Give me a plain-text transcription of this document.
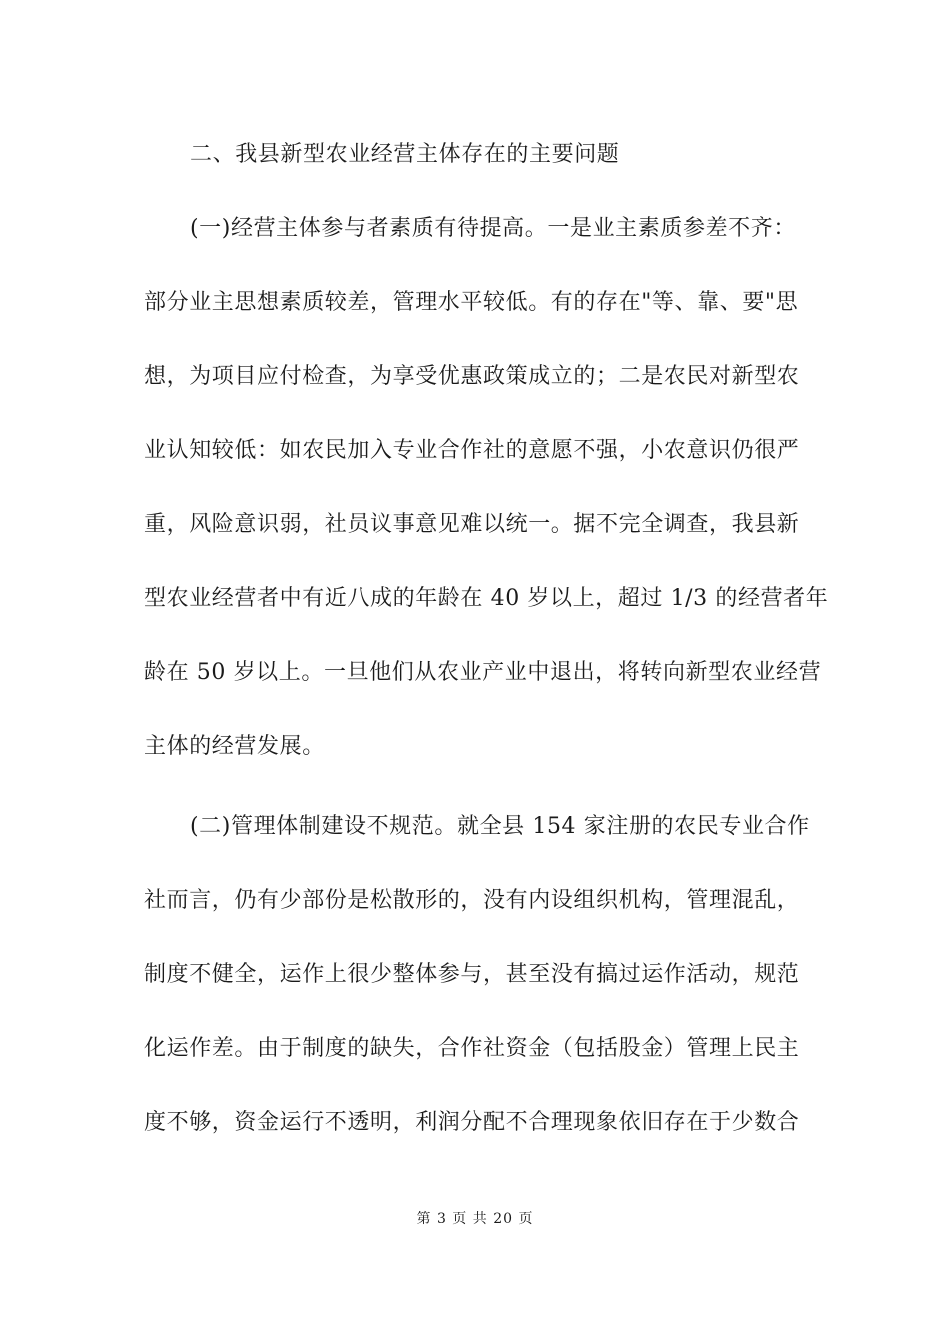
二、我县新型农业经营主体存在的主要问题
(一)经营主体参与者素质有待提高。一是业主素质参差不齐：
部分业主思想素质较差，管理水平较低。有的存在"等、靠、要"思
想，为项目应付检查，为享受优惠政策成立的；二是农民对新型农
业认知较低：如农民加入专业合作社的意愿不强，小农意识仍很严
重，风险意识弱，社员议事意见难以统一。据不完全调查，我县新
型农业经营者中有近八成的年龄在 40 岁以上，超过 1/3 的经营者年
龄在 50 岁以上。一旦他们从农业产业中退出，将转向新型农业经营
主体的经营发展。
(二)管理体制建设不规范。就全县 154 家注册的农民专业合作
社而言，仍有少部份是松散形的，没有内设组织机构，管理混乱，
制度不健全，运作上很少整体参与，甚至没有搞过运作活动，规范
化运作差。由于制度的缺失，合作社资金（包括股金）管理上民主
度不够，资金运行不透明，利润分配不合理现象依旧存在于少数合
第 3 页 共 20 页
